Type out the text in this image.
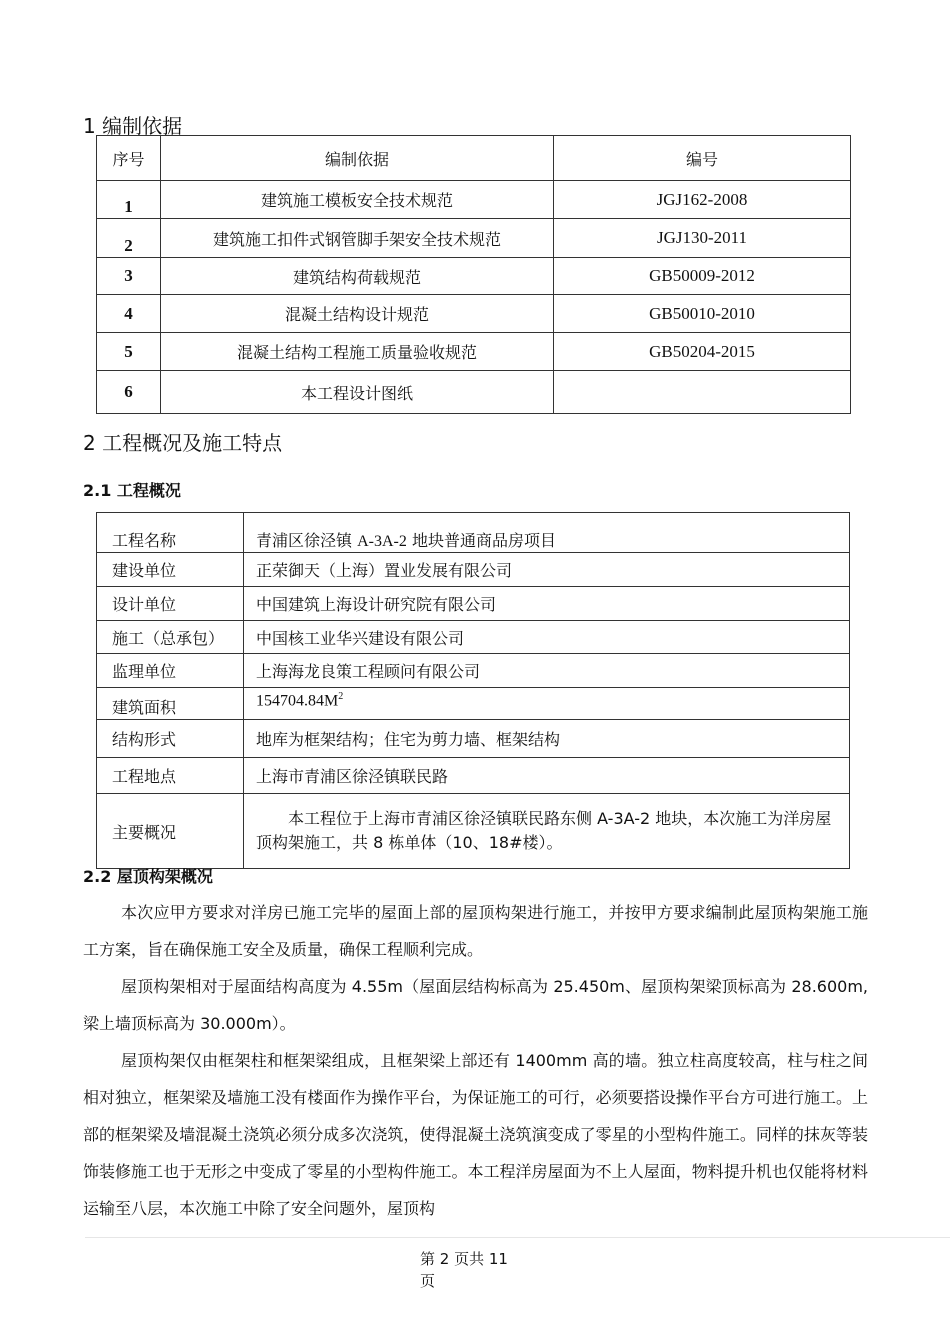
1 编制依据
序号	编制依据	编号
1	建筑施工模板安全技术规范	JGJ162-2008
2	建筑施工扣件式钢管脚手架安全技术规范	JGJ130-2011
3	建筑结构荷载规范	GB50009-2012
4	混凝土结构设计规范	GB50010-2010
5	混凝土结构工程施工质量验收规范	GB50204-2015
6	本工程设计图纸	
2 工程概况及施工特点
2.1 工程概况
工程名称	青浦区徐泾镇 A-3A-2 地块普通商品房项目
建设单位	正荣御天（上海）置业发展有限公司
设计单位	中国建筑上海设计研究院有限公司
施工（总承包）	中国核工业华兴建设有限公司
监理单位	上海海龙良策工程顾问有限公司
建筑面积	$154704.84M^2$
结构形式	地库为框架结构；住宅为剪力墙、框架结构
工程地点	上海市青浦区徐泾镇联民路
主要概况	本工程位于上海市青浦区徐泾镇联民路东侧 A-3A-2 地块，本次施工为洋房屋顶构架施工，共 8 栋单体（10、18#楼）。
2.2 屋顶构架概况

本次应甲方要求对洋房已施工完毕的屋面上部的屋顶构架进行施工，并按甲方要求编制此屋顶构架施工施工方案，旨在确保施工安全及质量，确保工程顺利完成。

屋顶构架相对于屋面结构高度为 4.55m（屋面层结构标高为 25.450m、屋顶构架梁顶标高为 28.600m,梁上墙顶标高为 30.000m）。

屋顶构架仅由框架柱和框架梁组成，且框架梁上部还有 1400mm 高的墙。独立柱高度较高，柱与柱之间相对独立，框架梁及墙施工没有楼面作为操作平台，为保证施工的可行，必须要搭设操作平台方可进行施工。上部的框架梁及墙混凝土浇筑必须分成多次浇筑，使得混凝土浇筑演变成了零星的小型构件施工。同样的抹灰等装饰装修施工也于无形之中变成了零星的小型构件施工。本工程洋房屋面为不上人屋面，物料提升机也仅能将材料运输至八层，本次施工中除了安全问题外，屋顶构

第 2 页共 11 页
